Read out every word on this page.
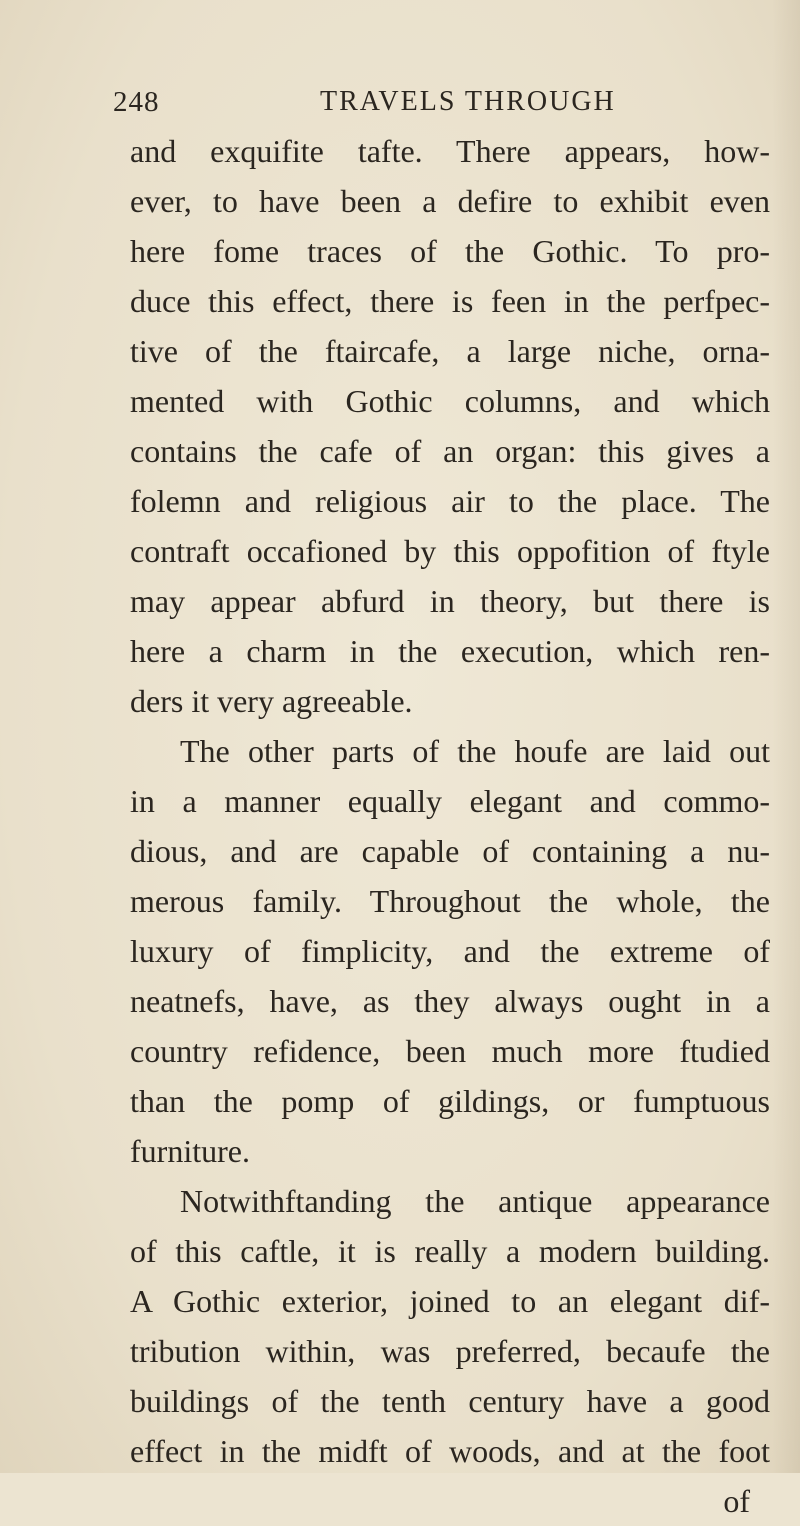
248	TRAVELS THROUGH
and exquifite tafte. There appears, how-
ever, to have been a defire to exhibit even
here fome traces of the Gothic. To pro-
duce this effect, there is feen in the perfpec-
tive of the ftaircafe, a large niche, orna-
mented with Gothic columns, and which
contains the cafe of an organ: this gives a
folemn and religious air to the place. The
contraft occafioned by this oppofition of ftyle
may appear abfurd in theory, but there is
here a charm in the execution, which ren-
ders it very agreeable.
The other parts of the houfe are laid out
in a manner equally elegant and commo-
dious, and are capable of containing a nu-
merous family. Throughout the whole, the
luxury of fimplicity, and the extreme of
neatnefs, have, as they always ought in a
country refidence, been much more ftudied
than the pomp of gildings, or fumptuous
furniture.
Notwithftanding the antique appearance
of this caftle, it is really a modern building.
A Gothic exterior, joined to an elegant dif-
tribution within, was preferred, becaufe the
buildings of the tenth century have a good
effect in the midft of woods, and at the foot
of
